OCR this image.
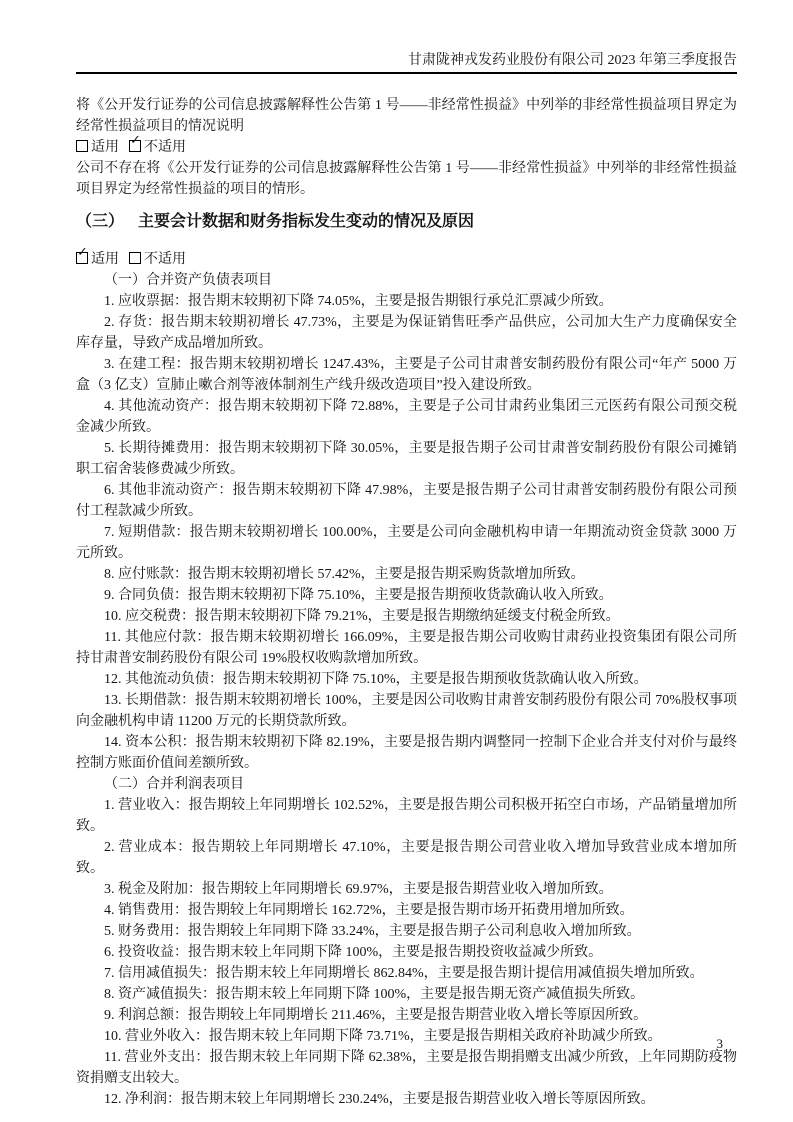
甘肃陇神戎发药业股份有限公司 2023 年第三季度报告

将《公开发行证券的公司信息披露解释性公告第 1 号——非经常性损益》中列举的非经常性损益项目界定为经常性损益项目的情况说明

适用 ✓ 不适用

公司不存在将《公开发行证券的公司信息披露解释性公告第 1 号——非经常性损益》中列举的非经常性损益项目界定为经常性损益的项目的情形。

（三） 主要会计数据和财务指标发生变动的情况及原因

✓ 适用 不适用

（一）合并资产负债表项目

1. 应收票据：报告期末较期初下降 74.05%，主要是报告期银行承兑汇票减少所致。

2. 存货：报告期末较期初增长 47.73%，主要是为保证销售旺季产品供应，公司加大生产力度确保安全库存量，导致产成品增加所致。

3. 在建工程：报告期末较期初增长 1247.43%，主要是子公司甘肃普安制药股份有限公司“年产 5000 万盒（3 亿支）宣肺止嗽合剂等液体制剂生产线升级改造项目”投入建设所致。

4. 其他流动资产：报告期末较期初下降 72.88%，主要是子公司甘肃药业集团三元医药有限公司预交税金减少所致。

5. 长期待摊费用：报告期末较期初下降 30.05%，主要是报告期子公司甘肃普安制药股份有限公司摊销职工宿舍装修费减少所致。

6. 其他非流动资产：报告期末较期初下降 47.98%，主要是报告期子公司甘肃普安制药股份有限公司预付工程款减少所致。

7. 短期借款：报告期末较期初增长 100.00%，主要是公司向金融机构申请一年期流动资金贷款 3000 万元所致。

8. 应付账款：报告期末较期初增长 57.42%，主要是报告期采购货款增加所致。

9. 合同负债：报告期末较期初下降 75.10%，主要是报告期预收货款确认收入所致。

10. 应交税费：报告期末较期初下降 79.21%，主要是报告期缴纳延缓支付税金所致。

11. 其他应付款：报告期末较期初增长 166.09%，主要是报告期公司收购甘肃药业投资集团有限公司所持甘肃普安制药股份有限公司 19%股权收购款增加所致。

12. 其他流动负债：报告期末较期初下降 75.10%，主要是报告期预收货款确认收入所致。

13. 长期借款：报告期末较期初增长 100%，主要是因公司收购甘肃普安制药股份有限公司 70%股权事项向金融机构申请 11200 万元的长期贷款所致。

14. 资本公积：报告期末较期初下降 82.19%，主要是报告期内调整同一控制下企业合并支付对价与最终控制方账面价值间差额所致。

（二）合并利润表项目

1. 营业收入：报告期较上年同期增长 102.52%，主要是报告期公司积极开拓空白市场，产品销量增加所致。

2. 营业成本：报告期较上年同期增长 47.10%，主要是报告期公司营业收入增加导致营业成本增加所致。

3. 税金及附加：报告期较上年同期增长 69.97%，主要是报告期营业收入增加所致。

4. 销售费用：报告期较上年同期增长 162.72%，主要是报告期市场开拓费用增加所致。

5. 财务费用：报告期较上年同期下降 33.24%，主要是报告期子公司利息收入增加所致。

6. 投资收益：报告期末较上年同期下降 100%，主要是报告期投资收益减少所致。

7. 信用减值损失：报告期末较上年同期增长 862.84%，主要是报告期计提信用减值损失增加所致。

8. 资产减值损失：报告期末较上年同期下降 100%，主要是报告期无资产减值损失所致。

9. 利润总额：报告期较上年同期增长 211.46%，主要是报告期营业收入增长等原因所致。

10. 营业外收入：报告期末较上年同期下降 73.71%，主要是报告期相关政府补助减少所致。

11. 营业外支出：报告期末较上年同期下降 62.38%，主要是报告期捐赠支出减少所致，上年同期防疫物资捐赠支出较大。

12. 净利润：报告期末较上年同期增长 230.24%，主要是报告期营业收入增长等原因所致。

3
